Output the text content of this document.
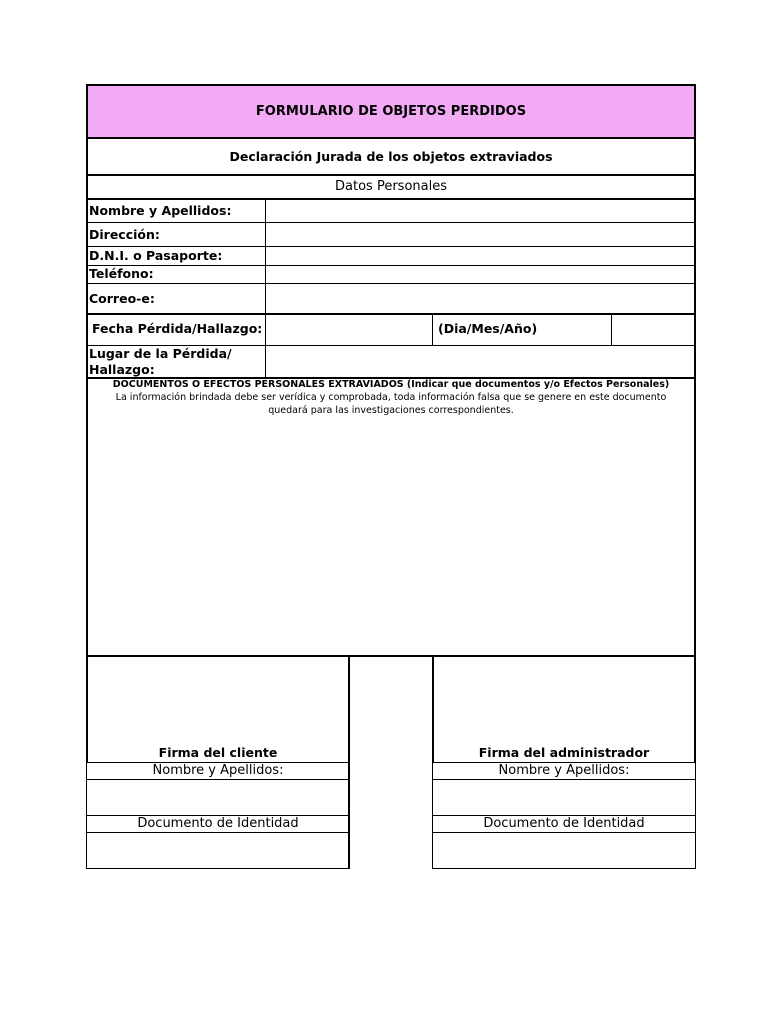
FORMULARIO DE OBJETOS PERDIDOS
Declaración Jurada de los objetos extraviados
Datos Personales
Nombre y Apellidos:
Dirección:
D.N.I. o Pasaporte:
Teléfono:
Correo-e:
Fecha Pérdida/Hallazgo:	(Dia/Mes/Año)
Lugar de la Pérdida/
Hallazgo:
DOCUMENTOS O EFECTOS PERSONALES EXTRAVIADOS (Indicar que documentos y/o Efectos Personales)
La información brindada debe ser verídica y comprobada, toda información falsa que se genere en este documento
quedará para las investigaciones correspondientes.
Firma del cliente
Nombre y Apellidos:
Documento de Identidad
Firma del administrador
Nombre y Apellidos:
Documento de Identidad
